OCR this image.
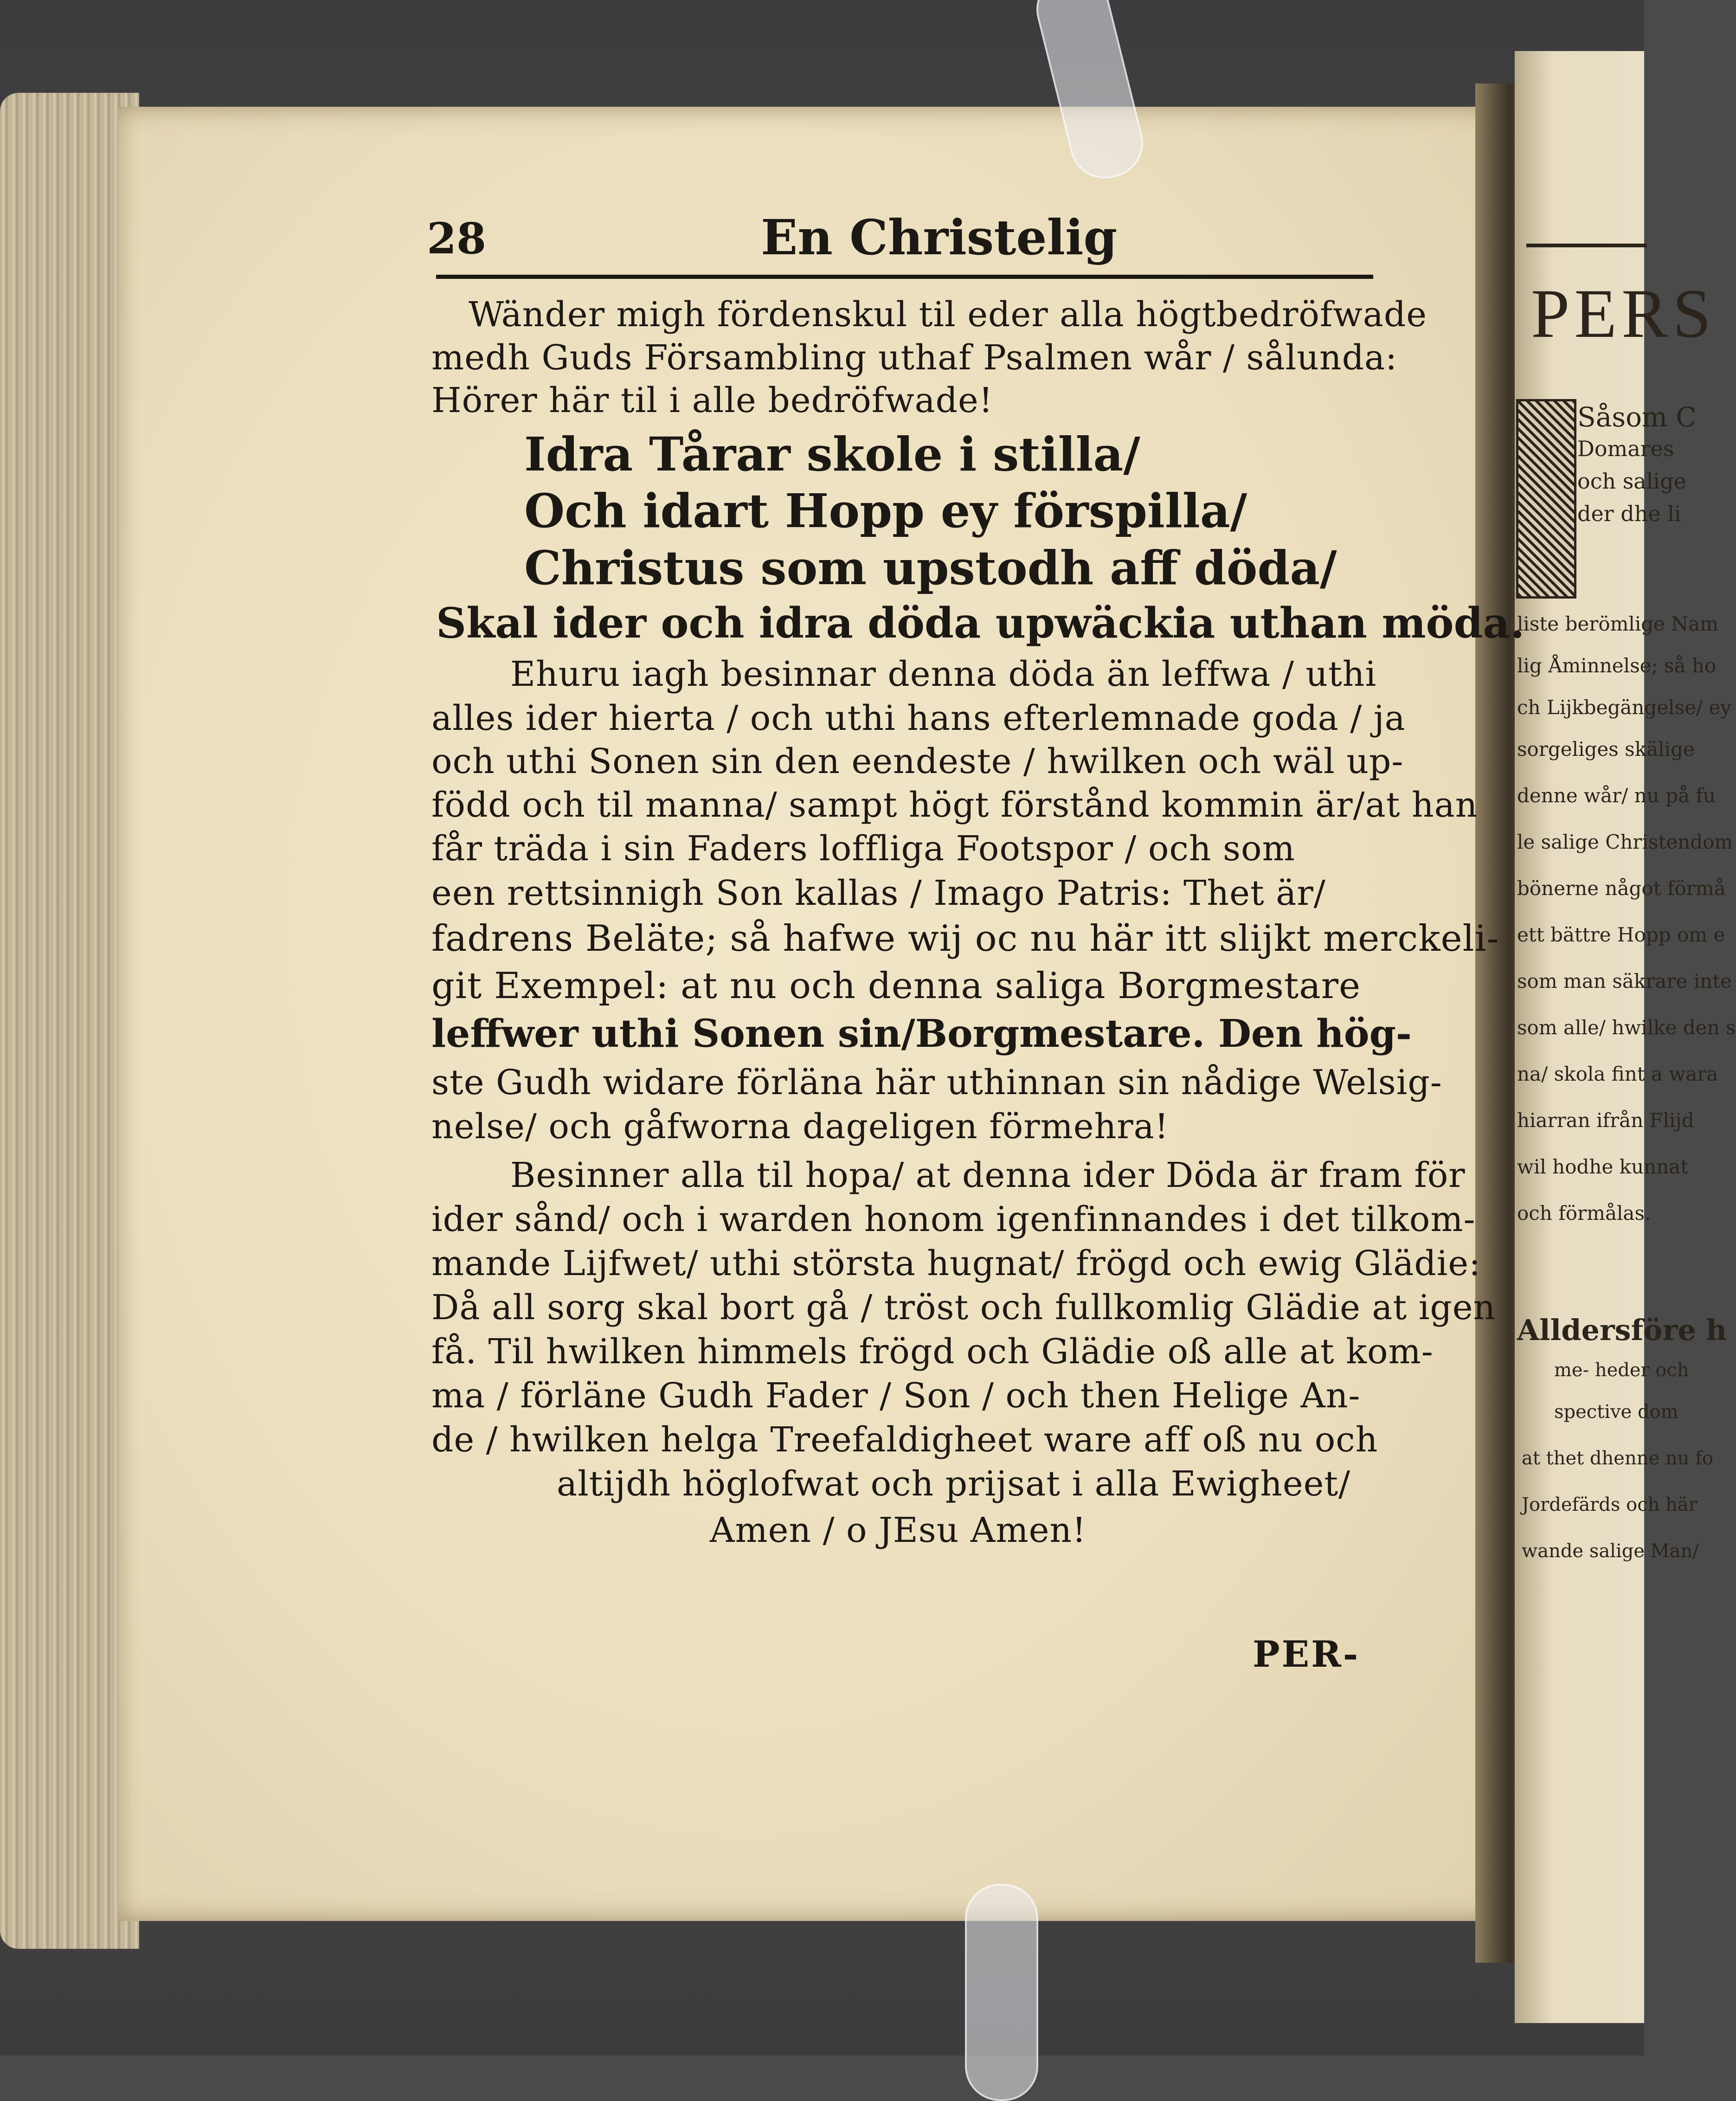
28	En Christelig
Wänder migh fördenskul til eder alla högtbedröfwade
medh Guds Försambling uthaf Psalmen wår / sålunda:
Hörer här til i alle bedröfwade!
Idra Tårar skole i stilla/
Och idart Hopp ey förspilla/
Christus som upstodh aff döda/
Skal ider och idra döda upwäckia uthan möda.
Ehuru iagh besinnar denna döda än leffwa / uthi
alles ider hierta / och uthi hans efterlemnade goda / ja
och uthi Sonen sin den eendeste / hwilken och wäl up-
född och til manna/ sampt högt förstånd kommin är/at han
får träda i sin Faders loffliga Footspor / och som
een rettsinnigh Son kallas / Imago Patris: Thet är/
fadrens Beläte; så hafwe wij oc nu här itt slijkt merckeli-
git Exempel: at nu och denna saliga Borgmestare
leffwer uthi Sonen sin/Borgmestare. Den hög-
ste Gudh widare förläna här uthinnan sin nådige Welsig-
nelse/ och gåfworna dageligen förmehra!
Besinner alla til hopa/ at denna ider Döda är fram för
ider sånd/ och i warden honom igenfinnandes i det tilkom-
mande Lijfwet/ uthi största hugnat/ frögd och ewig Glädie:
Då all sorg skal bort gå / tröst och fullkomlig Glädie at igen
få. Til hwilken himmels frögd och Glädie oß alle at kom-
ma / förläne Gudh Fader / Son / och then Helige An-
de / hwilken helga Treefaldigheet ware aff oß nu och
altijdh höglofwat och prijsat i alla Ewigheet/
Amen / o JEsu Amen!
PER-
PERS
Såsom C
Domares
och salige
der dhe li
liste berömlige Nam
lig Åminnelse; så ho
ch Lijkbegängelse/ ey
sorgeliges skälige
denne wår/ nu på fu
le salige Christendom
bönerne något förmå
ett bättre Hopp om e
som man säkrare inte
som alle/ hwilke den s
na/ skola fint a wara
hiarran ifrån Flijd
wil hodhe kunnat
och förmålas.
Alldersföre h
me- heder och
spective dom
at thet dhenne nu fo
Jordefärds och här
wande salige Man/
